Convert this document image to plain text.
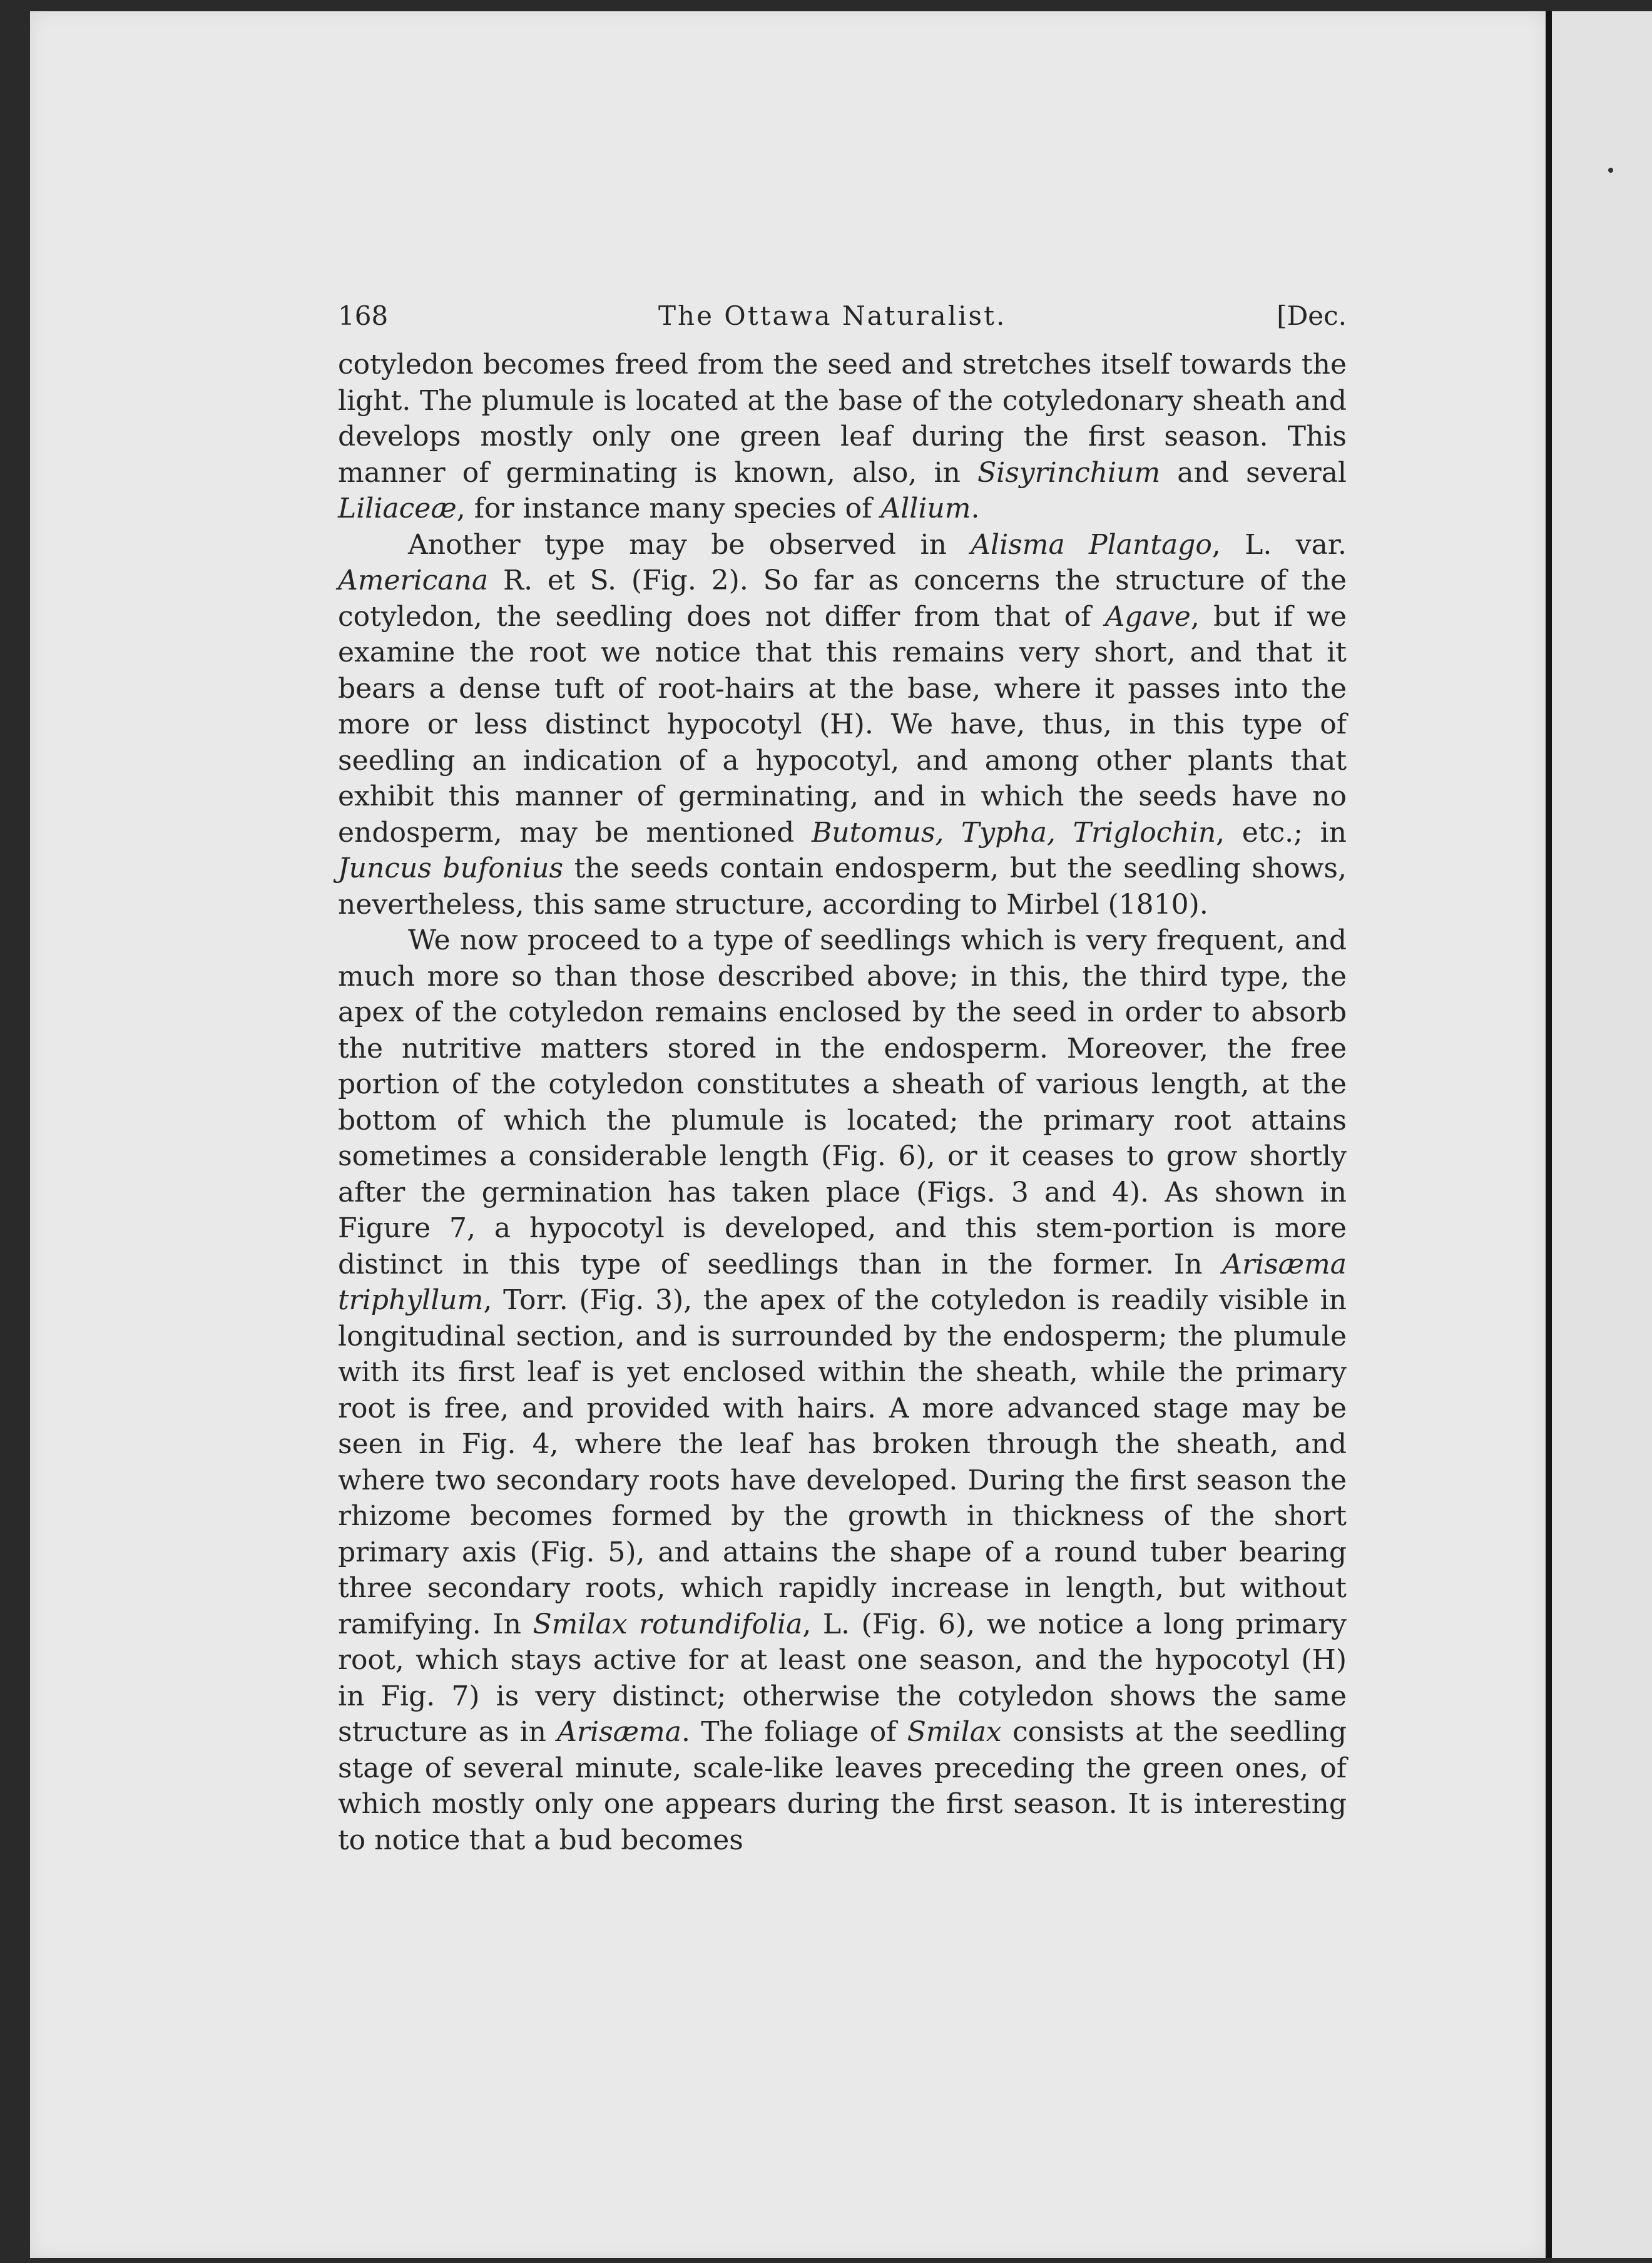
168	The Ottawa Naturalist.	[Dec.

cotyledon becomes freed from the seed and stretches itself towards the light. The plumule is located at the base of the cotyledonary sheath and develops mostly only one green leaf during the first season. This manner of germinating is known, also, in Sisyrinchium and several Liliaceæ, for instance many species of Allium.

Another type may be observed in Alisma Plantago, L. var. Americana R. et S. (Fig. 2). So far as concerns the structure of the cotyledon, the seedling does not differ from that of Agave, but if we examine the root we notice that this remains very short, and that it bears a dense tuft of root-hairs at the base, where it passes into the more or less distinct hypocotyl (H). We have, thus, in this type of seedling an indication of a hypocotyl, and among other plants that exhibit this manner of germinating, and in which the seeds have no endosperm, may be mentioned Butomus, Typha, Triglochin, etc.; in Juncus bufonius the seeds contain endosperm, but the seedling shows, nevertheless, this same structure, according to Mirbel (1810).

We now proceed to a type of seedlings which is very frequent, and much more so than those described above; in this, the third type, the apex of the cotyledon remains enclosed by the seed in order to absorb the nutritive matters stored in the endosperm. Moreover, the free portion of the cotyledon constitutes a sheath of various length, at the bottom of which the plumule is located; the primary root attains sometimes a considerable length (Fig. 6), or it ceases to grow shortly after the germination has taken place (Figs. 3 and 4). As shown in Figure 7, a hypocotyl is developed, and this stem-portion is more distinct in this type of seedlings than in the former. In Arisæma triphyllum, Torr. (Fig. 3), the apex of the cotyledon is readily visible in longitudinal section, and is surrounded by the endosperm; the plumule with its first leaf is yet enclosed within the sheath, while the primary root is free, and provided with hairs. A more advanced stage may be seen in Fig. 4, where the leaf has broken through the sheath, and where two secondary roots have developed. During the first season the rhizome becomes formed by the growth in thickness of the short primary axis (Fig. 5), and attains the shape of a round tuber bearing three secondary roots, which rapidly increase in length, but without ramifying. In Smilax rotundifolia, L. (Fig. 6), we notice a long primary root, which stays active for at least one season, and the hypocotyl (H) in Fig. 7) is very distinct; otherwise the cotyledon shows the same structure as in Arisæma. The foliage of Smilax consists at the seedling stage of several minute, scale-like leaves preceding the green ones, of which mostly only one appears during the first season. It is interesting to notice that a bud becomes
